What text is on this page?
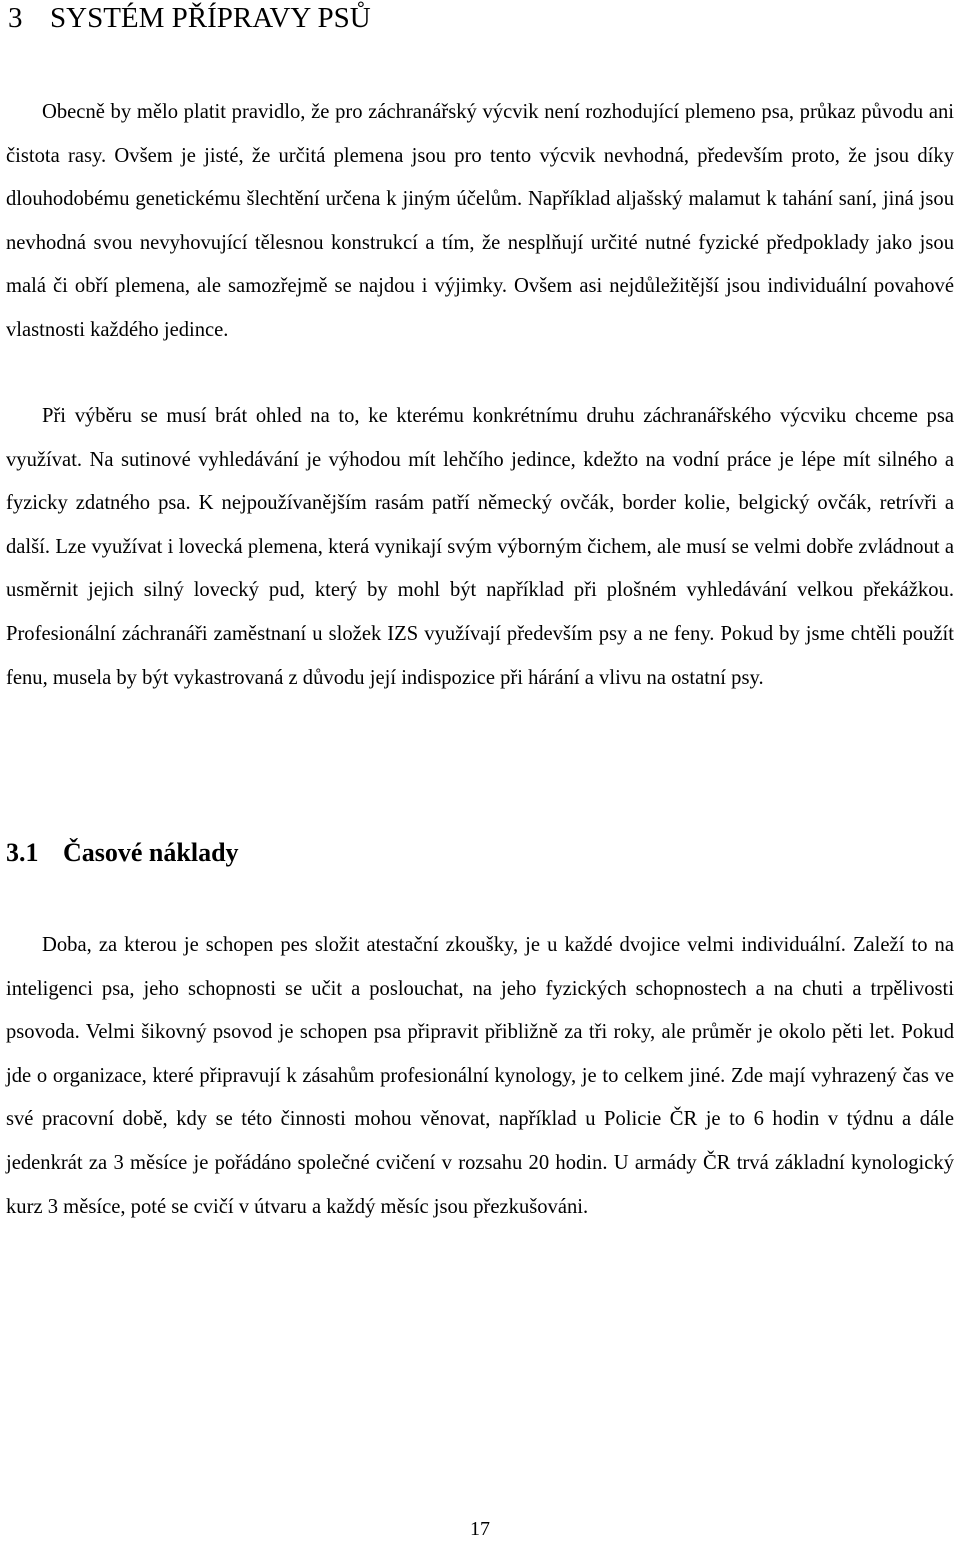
3 SYSTÉM PŘÍPRAVY PSŮ

Obecně by mělo platit pravidlo, že pro záchranářský výcvik není rozhodující plemeno psa, průkaz původu ani čistota rasy. Ovšem je jisté, že určitá plemena jsou pro tento výcvik nevhodná, především proto, že jsou díky dlouhodobému genetickému šlechtění určena k jiným účelům. Například aljašský malamut k tahání saní, jiná jsou nevhodná svou nevyhovující tělesnou konstrukcí a tím, že nesplňují určité nutné fyzické předpoklady jako jsou malá či obří plemena, ale samozřejmě se najdou i výjimky. Ovšem asi nejdůležitější jsou individuální povahové vlastnosti každého jedince.

Při výběru se musí brát ohled na to, ke kterému konkrétnímu druhu záchranářského výcviku chceme psa využívat. Na sutinové vyhledávání je výhodou mít lehčího jedince, kdežto na vodní práce je lépe mít silného a fyzicky zdatného psa. K nejpoužívanějším rasám patří německý ovčák, border kolie, belgický ovčák, retrívři a další. Lze využívat i lovecká plemena, která vynikají svým výborným čichem, ale musí se velmi dobře zvládnout a usměrnit jejich silný lovecký pud, který by mohl být například při plošném vyhledávání velkou překážkou. Profesionální záchranáři zaměstnaní u složek IZS využívají především psy a ne feny. Pokud by jsme chtěli použít fenu, musela by být vykastrovaná z důvodu její indispozice při hárání a vlivu na ostatní psy.

3.1 Časové náklady

Doba, za kterou je schopen pes složit atestační zkoušky, je u každé dvojice velmi individuální. Zaleží to na inteligenci psa, jeho schopnosti se učit a poslouchat, na jeho fyzických schopnostech a na chuti a trpělivosti psovoda. Velmi šikovný psovod je schopen psa připravit přibližně za tři roky, ale průměr je okolo pěti let. Pokud jde o organizace, které připravují k zásahům profesionální kynology, je to celkem jiné. Zde mají vyhrazený čas ve své pracovní době, kdy se této činnosti mohou věnovat, například u Policie ČR je to 6 hodin v týdnu a dále jedenkrát za 3 měsíce je pořádáno společné cvičení v rozsahu 20 hodin. U armády ČR trvá základní kynologický kurz 3 měsíce, poté se cvičí v útvaru a každý měsíc jsou přezkušováni.

17
